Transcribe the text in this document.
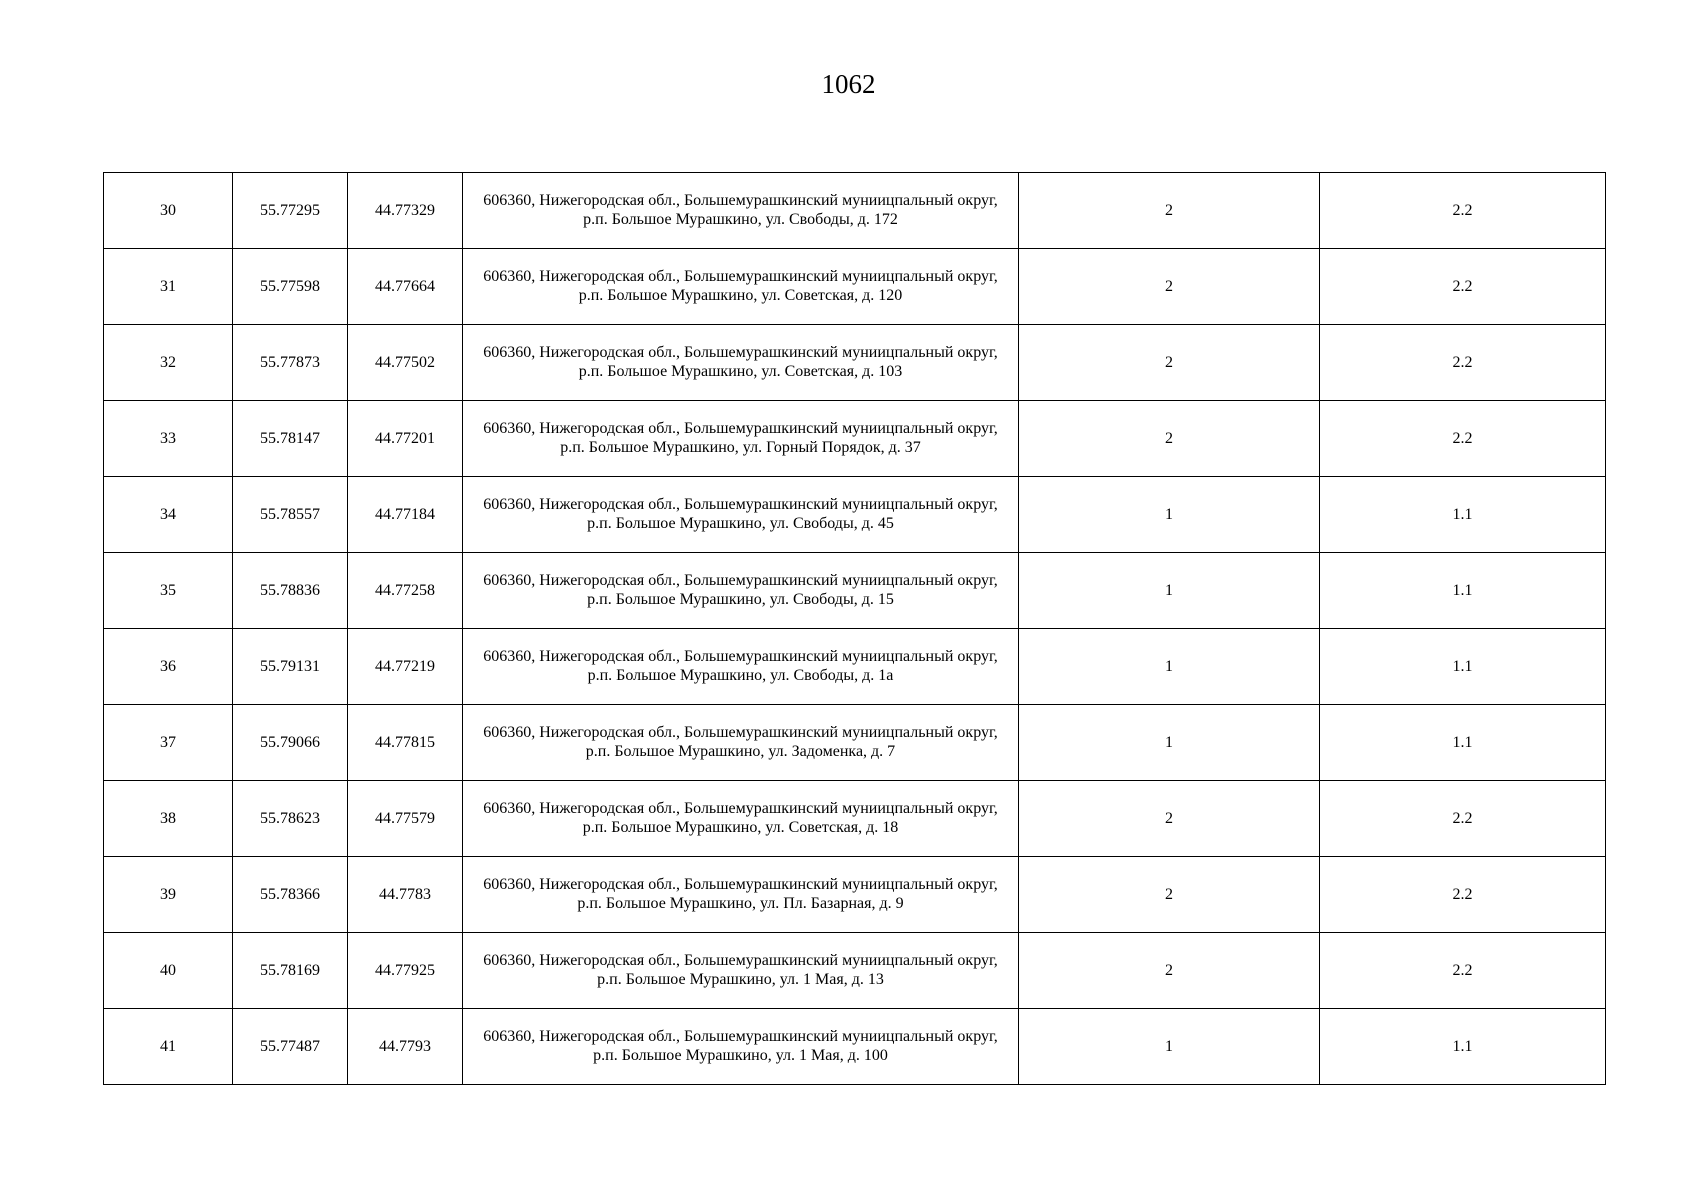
1062
30	55.77295	44.77329	606360, Нижегородская обл., Большемурашкинский муниицпальный округ,
р.п. Большое Мурашкино, ул. Свободы, д. 172	2	2.2
31	55.77598	44.77664	606360, Нижегородская обл., Большемурашкинский муниицпальный округ,
р.п. Большое Мурашкино, ул. Советская, д. 120	2	2.2
32	55.77873	44.77502	606360, Нижегородская обл., Большемурашкинский муниицпальный округ,
р.п. Большое Мурашкино, ул. Советская, д. 103	2	2.2
33	55.78147	44.77201	606360, Нижегородская обл., Большемурашкинский муниицпальный округ,
р.п. Большое Мурашкино, ул. Горный Порядок, д. 37	2	2.2
34	55.78557	44.77184	606360, Нижегородская обл., Большемурашкинский муниицпальный округ,
р.п. Большое Мурашкино, ул. Свободы, д. 45	1	1.1
35	55.78836	44.77258	606360, Нижегородская обл., Большемурашкинский муниицпальный округ,
р.п. Большое Мурашкино, ул. Свободы, д. 15	1	1.1
36	55.79131	44.77219	606360, Нижегородская обл., Большемурашкинский муниицпальный округ,
р.п. Большое Мурашкино, ул. Свободы, д. 1а	1	1.1
37	55.79066	44.77815	606360, Нижегородская обл., Большемурашкинский муниицпальный округ,
р.п. Большое Мурашкино, ул. Задоменка, д. 7	1	1.1
38	55.78623	44.77579	606360, Нижегородская обл., Большемурашкинский муниицпальный округ,
р.п. Большое Мурашкино, ул. Советская, д. 18	2	2.2
39	55.78366	44.7783	606360, Нижегородская обл., Большемурашкинский муниицпальный округ,
р.п. Большое Мурашкино, ул. Пл. Базарная, д. 9	2	2.2
40	55.78169	44.77925	606360, Нижегородская обл., Большемурашкинский муниицпальный округ,
р.п. Большое Мурашкино, ул. 1 Мая, д. 13	2	2.2
41	55.77487	44.7793	606360, Нижегородская обл., Большемурашкинский муниицпальный округ,
р.п. Большое Мурашкино, ул. 1 Мая, д. 100	1	1.1
